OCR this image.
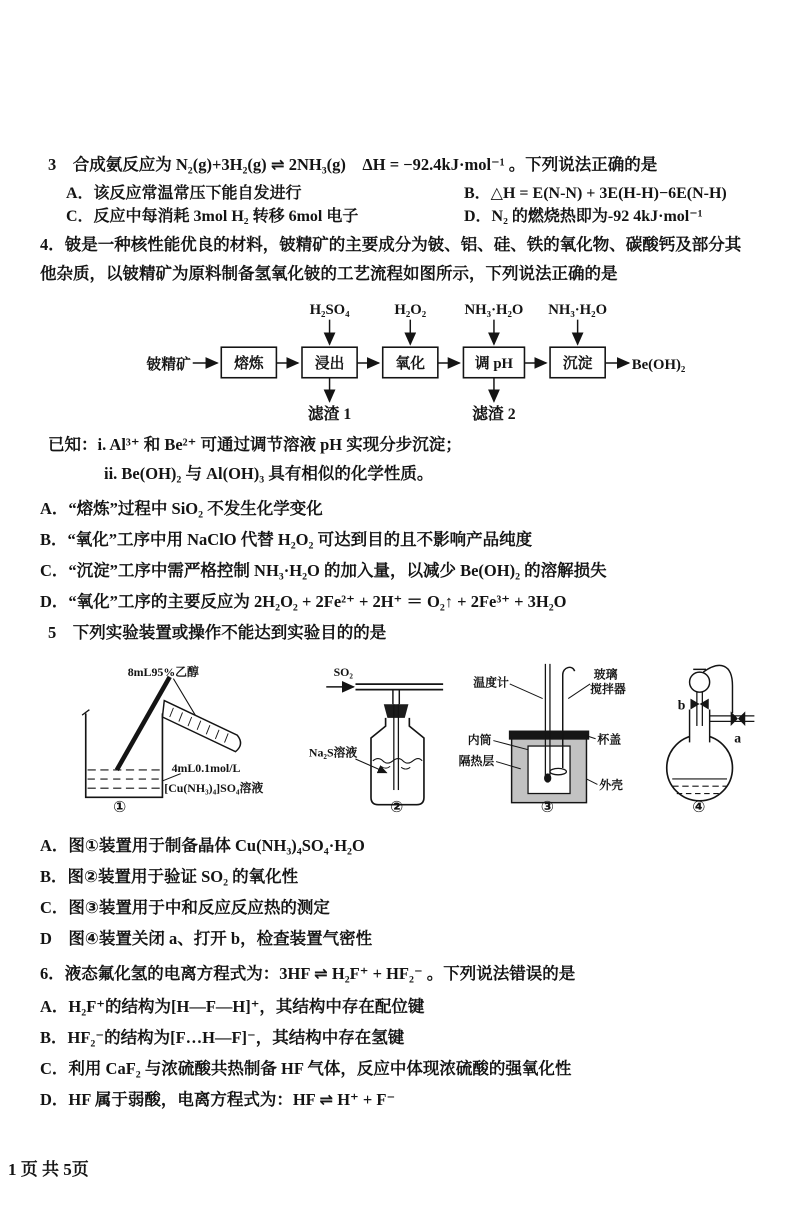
3　合成氨反应为 N₂(g)+3H₂(g) ⇌ 2NH₃(g)　ΔH = −92.4kJ·mol⁻¹ 。下列说法正确的是
A．该反应常温常压下能自发进行	B．△H = E(N-N) + 3E(H-H)−6E(N-H)
C．反应中每消耗 3mol H₂ 转移 6mol 电子	D．N₂ 的燃烧热即为-92 4kJ·mol⁻¹
4．铍是一种核性能优良的材料，铍精矿的主要成分为铍、铝、硅、铁的氧化物、碳酸钙及部分其
他杂质，以铍精矿为原料制备氢氧化铍的工艺流程如图所示，下列说法正确的是
H₂SO₄	H₂O₂	NH₃·H₂O NH₃·H₂O
铍精矿	熔炼	浸出	氧化	调 pH	沉淀	Be(OH)₂
滤渣 1	滤渣 2
已知：i. Al³⁺ 和 Be²⁺ 可通过调节溶液 pH 实现分步沉淀；
ii. Be(OH)₂ 与 Al(OH)₃ 具有相似的化学性质。
A．“熔炼”过程中 SiO₂ 不发生化学变化
B．“氧化”工序中用 NaClO 代替 H₂O₂ 可达到目的且不影响产品纯度
C．“沉淀”工序中需严格控制 NH₃·H₂O 的加入量，以减少 Be(OH)₂ 的溶解损失
D．“氧化”工序的主要反应为 2H₂O₂ + 2Fe²⁺ + 2H⁺ ＝ O₂↑ + 2Fe³⁺ + 3H₂O
5　下列实验装置或操作不能达到实验目的的是
8mL95%乙醇
4mL0.1mol/L
[Cu(NH₃)₄]SO₄溶液
①
SO₂
Na₂S溶液
②
温度计
玻璃
搅拌器
内筒
隔热层
杯盖
外壳
③
b
a
④
A．图①装置用于制备晶体 Cu(NH₃)₄SO₄·H₂O
B．图②装置用于验证 SO₂ 的氧化性
C．图③装置用于中和反应反应热的测定
D　图④装置关闭 a、打开 b，检查装置气密性
6．液态氟化氢的电离方程式为：3HF ⇌ H₂F⁺ + HF₂⁻ 。下列说法错误的是
A．H₂F⁺的结构为[H—F—H]⁺，其结构中存在配位键
B．HF₂⁻的结构为[F…H—F]⁻，其结构中存在氢键
C．利用 CaF₂ 与浓硫酸共热制备 HF 气体，反应中体现浓硫酸的强氧化性
D．HF 属于弱酸，电离方程式为：HF ⇌ H⁺ + F⁻
1 页 共 5页
